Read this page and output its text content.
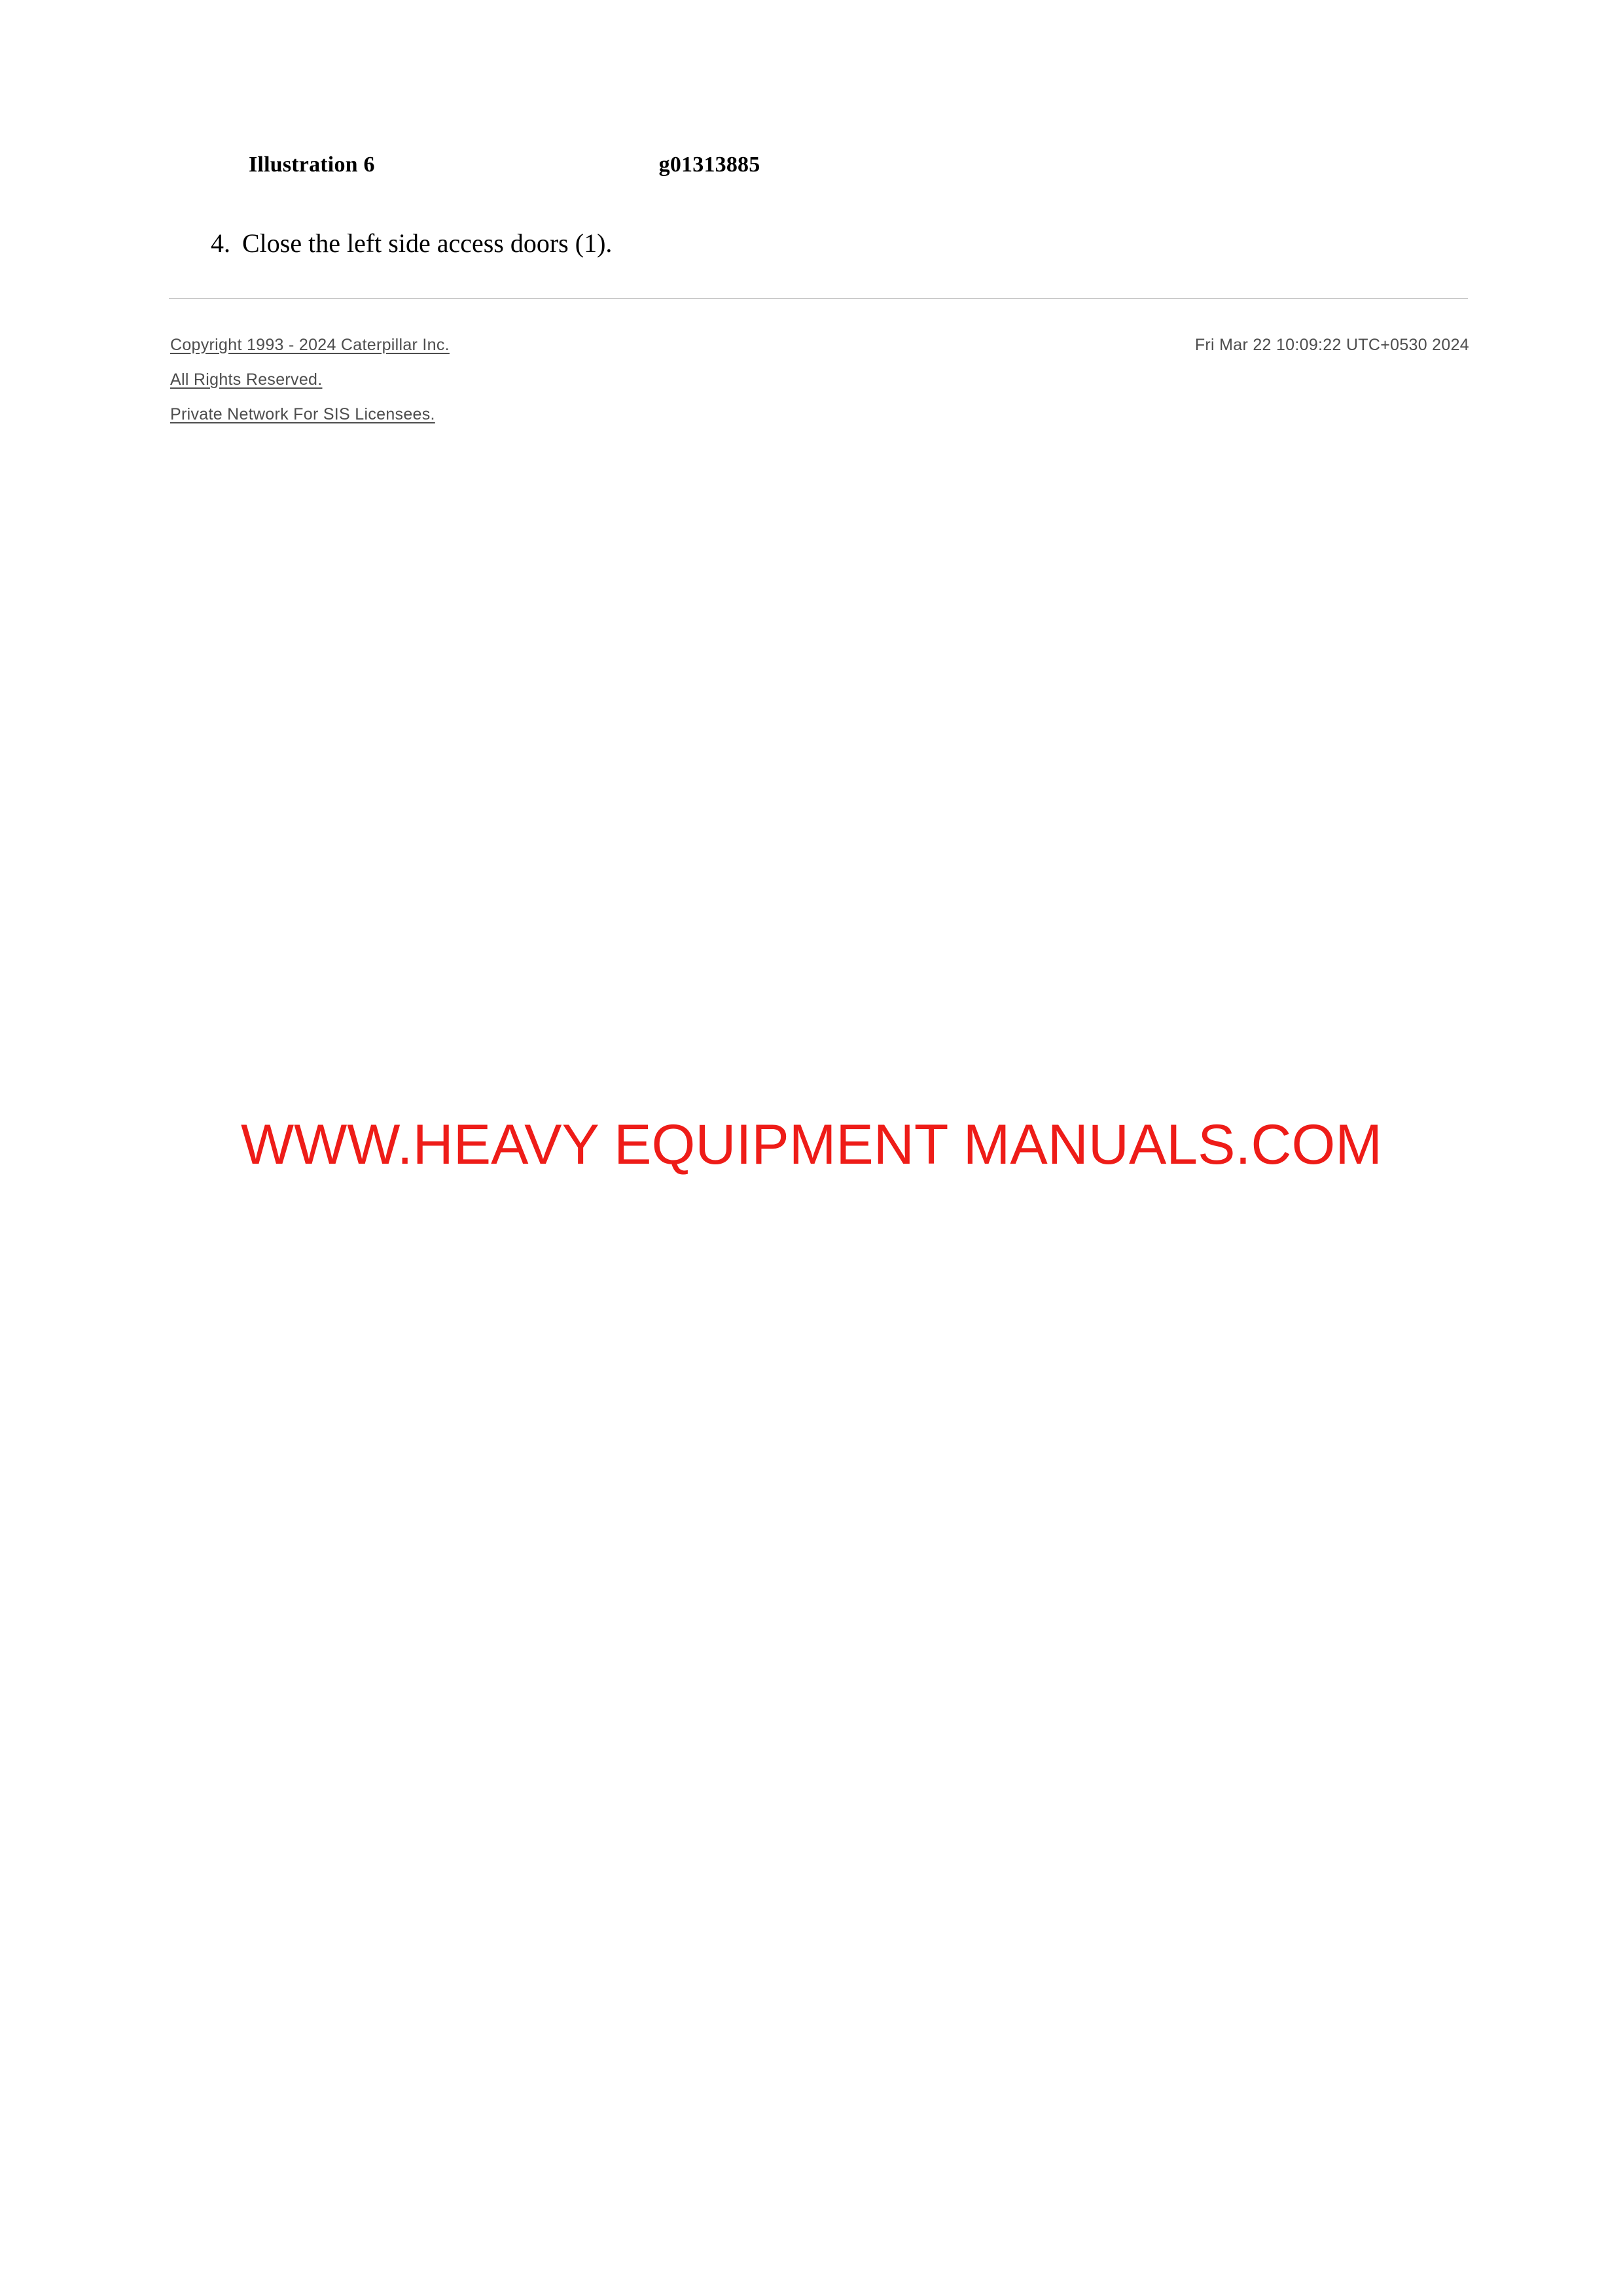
Illustration 6	g01313885
4. Close the left side access doors (1).
Copyright 1993 - 2024 Caterpillar Inc.
All Rights Reserved.
Private Network For SIS Licensees.
Fri Mar 22 10:09:22 UTC+0530 2024
WWW.HEAVY EQUIPMENT MANUALS.COM
